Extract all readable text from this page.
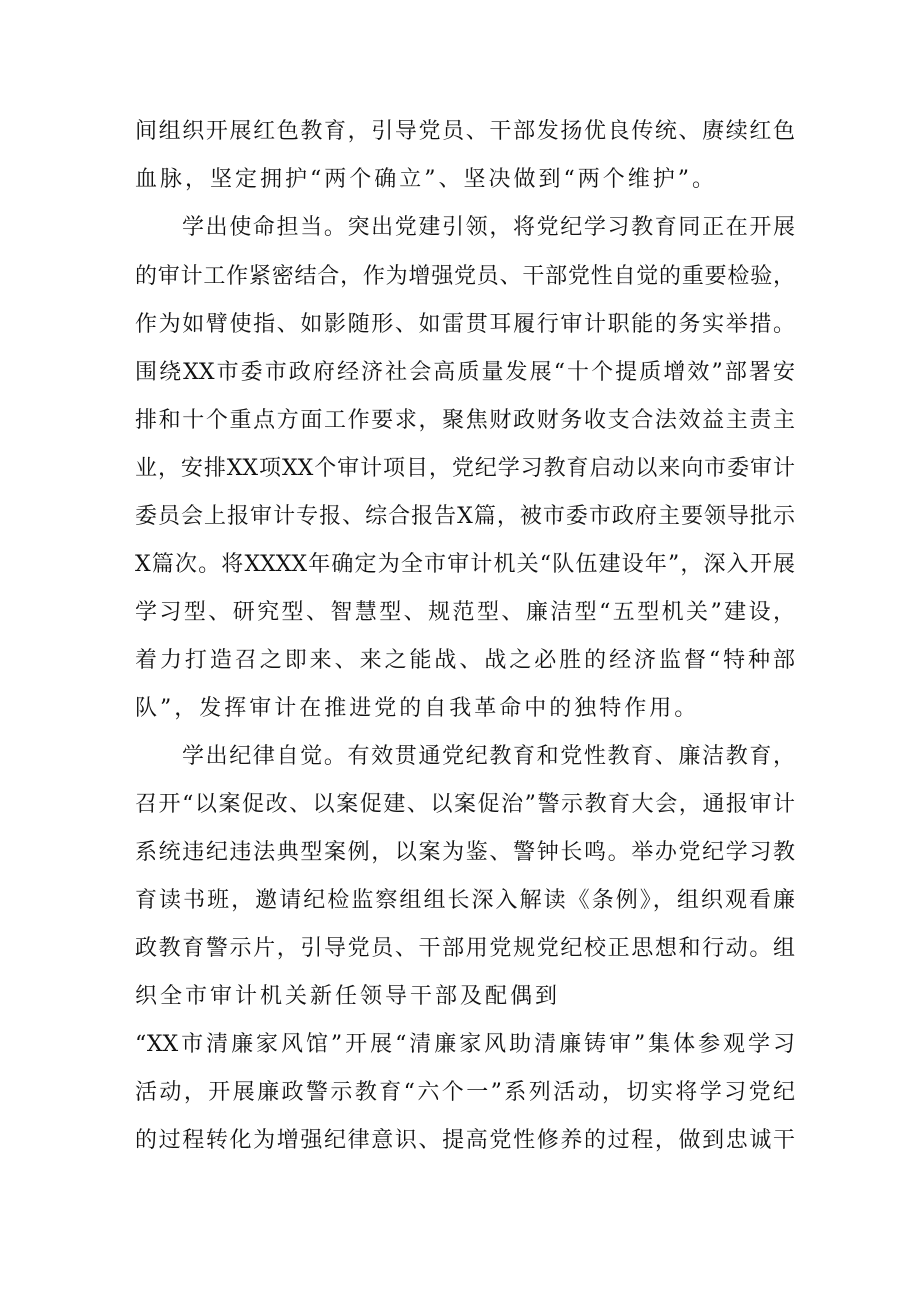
间组织开展红色教育，引导党员、干部发扬优良传统、赓续红色
血脉，坚定拥护“两个确立”、坚决做到“两个维护”。
学出使命担当。突出党建引领，将党纪学习教育同正在开展
的审计工作紧密结合，作为增强党员、干部党性自觉的重要检验，
作为如臂使指、如影随形、如雷贯耳履行审计职能的务实举措。
围绕XX市委市政府经济社会高质量发展“十个提质增效”部署安
排和十个重点方面工作要求，聚焦财政财务收支合法效益主责主
业，安排XX项XX个审计项目，党纪学习教育启动以来向市委审计
委员会上报审计专报、综合报告X篇，被市委市政府主要领导批示
X篇次。将XXXX年确定为全市审计机关“队伍建设年”，深入开展
学习型、研究型、智慧型、规范型、廉洁型“五型机关”建设，
着力打造召之即来、来之能战、战之必胜的经济监督“特种部
队”，发挥审计在推进党的自我革命中的独特作用。
学出纪律自觉。有效贯通党纪教育和党性教育、廉洁教育，
召开“以案促改、以案促建、以案促治”警示教育大会，通报审计
系统违纪违法典型案例，以案为鉴、警钟长鸣。举办党纪学习教
育读书班，邀请纪检监察组组长深入解读《条例》，组织观看廉
政教育警示片，引导党员、干部用党规党纪校正思想和行动。组
织全市审计机关新任领导干部及配偶到
“XX市清廉家风馆”开展“清廉家风助清廉铸审”集体参观学习
活动，开展廉政警示教育“六个一”系列活动，切实将学习党纪
的过程转化为增强纪律意识、提高党性修养的过程，做到忠诚干
